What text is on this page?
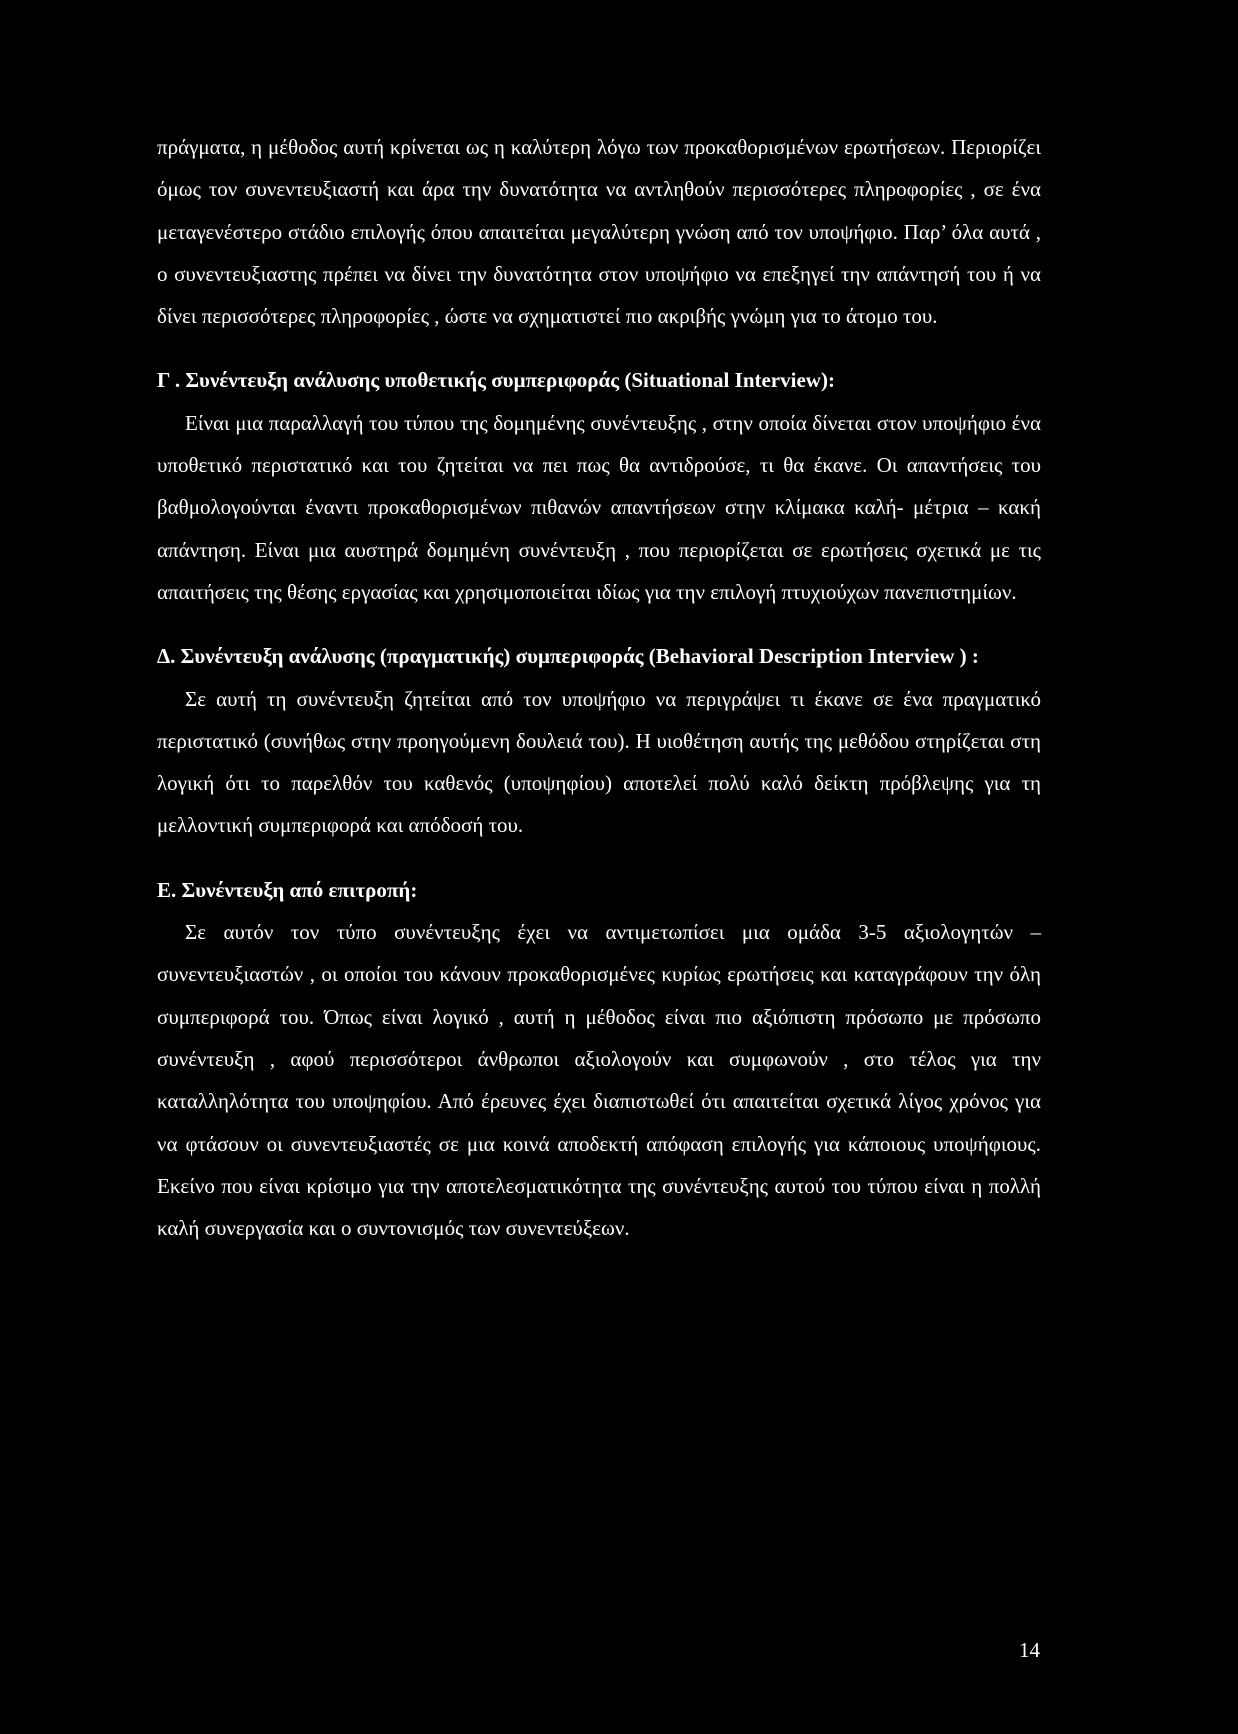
πράγματα, η μέθοδος αυτή κρίνεται ως η καλύτερη λόγω των προκαθορισμένων ερωτήσεων. Περιορίζει όμως τον συνεντευξιαστή και άρα την δυνατότητα να αντληθούν περισσότερες πληροφορίες , σε ένα μεταγενέστερο στάδιο επιλογής όπου απαιτείται μεγαλύτερη γνώση από τον υποψήφιο. Παρ’ όλα αυτά , ο συνεντευξιαστης πρέπει να δίνει την δυνατότητα στον υποψήφιο να επεξηγεί την απάντησή του ή να δίνει περισσότερες πληροφορίες , ώστε να σχηματιστεί πιο ακριβής γνώμη για το άτομο του.

Γ . Συνέντευξη ανάλυσης υποθετικής συμπεριφοράς (Situational Interview):

Είναι μια παραλλαγή του τύπου της δομημένης συνέντευξης , στην οποία δίνεται στον υποψήφιο ένα υποθετικό περιστατικό και του ζητείται να πει πως θα αντιδρούσε, τι θα έκανε. Οι απαντήσεις του βαθμολογούνται έναντι προκαθορισμένων πιθανών απαντήσεων στην κλίμακα καλή- μέτρια – κακή απάντηση. Είναι μια αυστηρά δομημένη συνέντευξη , που περιορίζεται σε ερωτήσεις σχετικά με τις απαιτήσεις της θέσης εργασίας και χρησιμοποιείται ιδίως για την επιλογή πτυχιούχων πανεπιστημίων.

Δ. Συνέντευξη ανάλυσης (πραγματικής) συμπεριφοράς (Behavioral Description Interview ) :

Σε αυτή τη συνέντευξη ζητείται από τον υποψήφιο να περιγράψει τι έκανε σε ένα πραγματικό περιστατικό (συνήθως στην προηγούμενη δουλειά του). Η υιοθέτηση αυτής της μεθόδου στηρίζεται στη λογική ότι το παρελθόν του καθενός (υποψηφίου) αποτελεί πολύ καλό δείκτη πρόβλεψης για τη μελλοντική συμπεριφορά και απόδοσή του.

Ε. Συνέντευξη από επιτροπή:

Σε αυτόν τον τύπο συνέντευξης έχει να αντιμετωπίσει μια ομάδα 3-5 αξιολογητών – συνεντευξιαστών , οι οποίοι του κάνουν προκαθορισμένες κυρίως ερωτήσεις και καταγράφουν την όλη συμπεριφορά του. Όπως είναι λογικό , αυτή η μέθοδος είναι πιο αξιόπιστη πρόσωπο με πρόσωπο συνέντευξη , αφού περισσότεροι άνθρωποι αξιολογούν και συμφωνούν , στο τέλος για την καταλληλότητα του υποψηφίου. Από έρευνες έχει διαπιστωθεί ότι απαιτείται σχετικά λίγος χρόνος για να φτάσουν οι συνεντευξιαστές σε μια κοινά αποδεκτή απόφαση επιλογής για κάποιους υποψήφιους. Εκείνο που είναι κρίσιμο για την αποτελεσματικότητα της συνέντευξης αυτού του τύπου είναι η πολλή καλή συνεργασία και ο συντονισμός των συνεντεύξεων.

14
